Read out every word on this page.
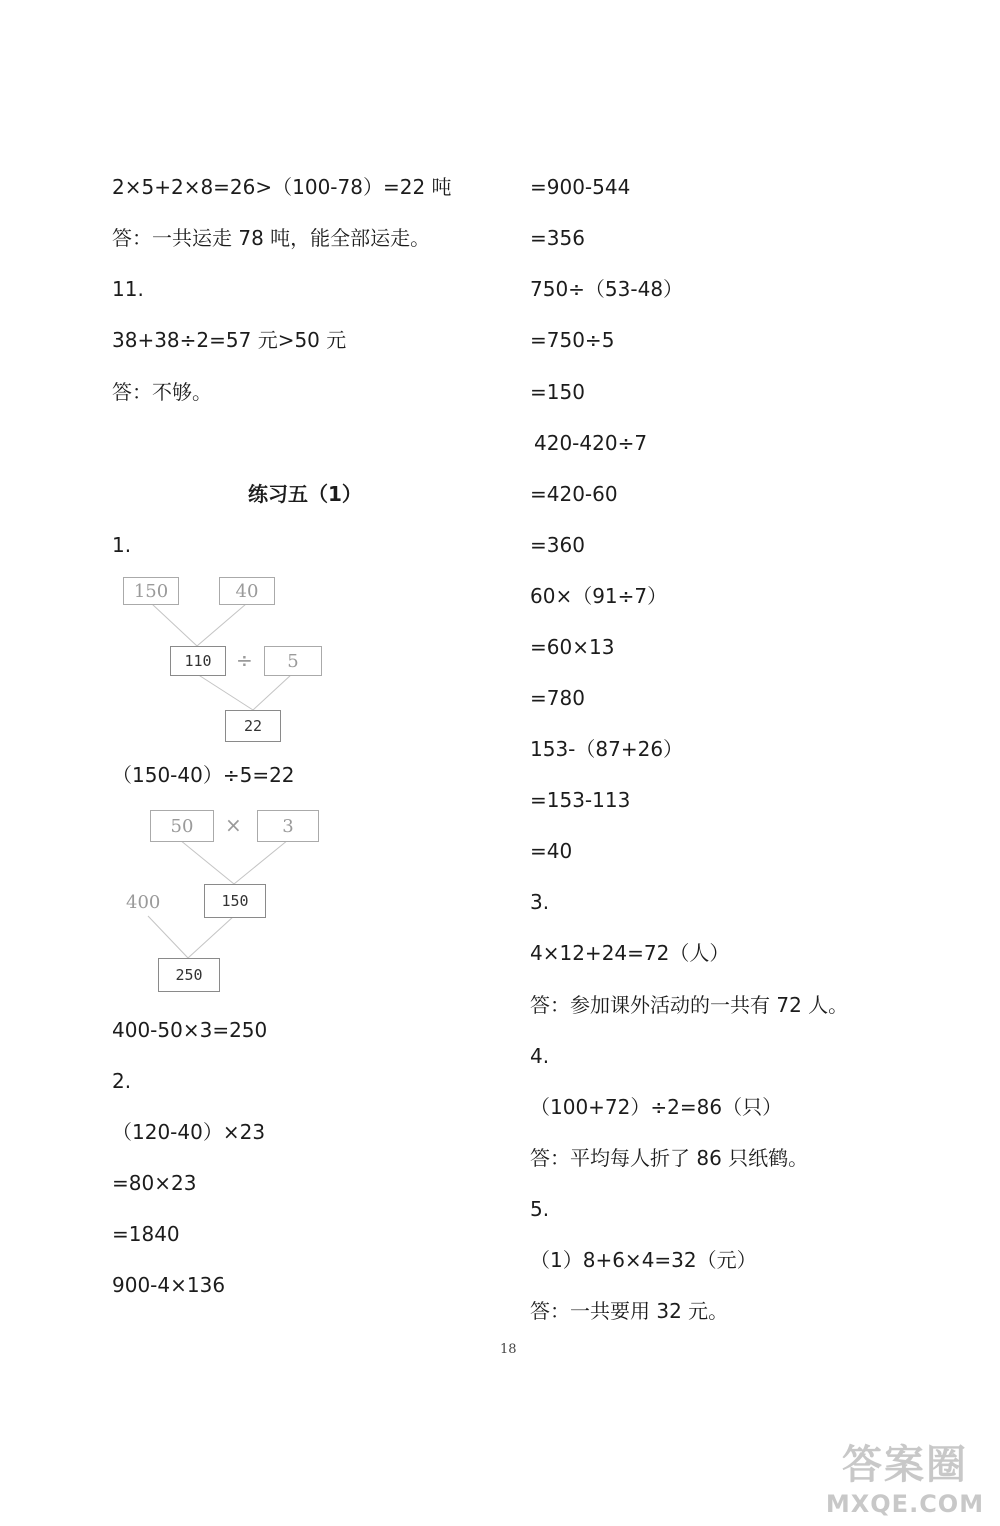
2×5+2×8=26>（100-78）=22 吨
答：一共运走 78 吨，能全部运走。
11.
38+38÷2=57 元>50 元
答：不够。
练习五（1）
1.
150	40
110	÷	5
22
（150-40）÷5=22
50	×	3
400	150
250
400-50×3=250
2.
（120-40）×23
=80×23
=1840
900-4×136
=900-544
=356
750÷（53-48）
=750÷5
=150
420-420÷7
=420-60
=360
60×（91÷7）
=60×13
=780
153-（87+26）
=153-113
=40
3.
4×12+24=72（人）
答：参加课外活动的一共有 72 人。
4.
（100+72）÷2=86（只）
答：平均每人折了 86 只纸鹤。
5.
（1）8+6×4=32（元）
答：一共要用 32 元。
18
答案圈
MXQE.COM
